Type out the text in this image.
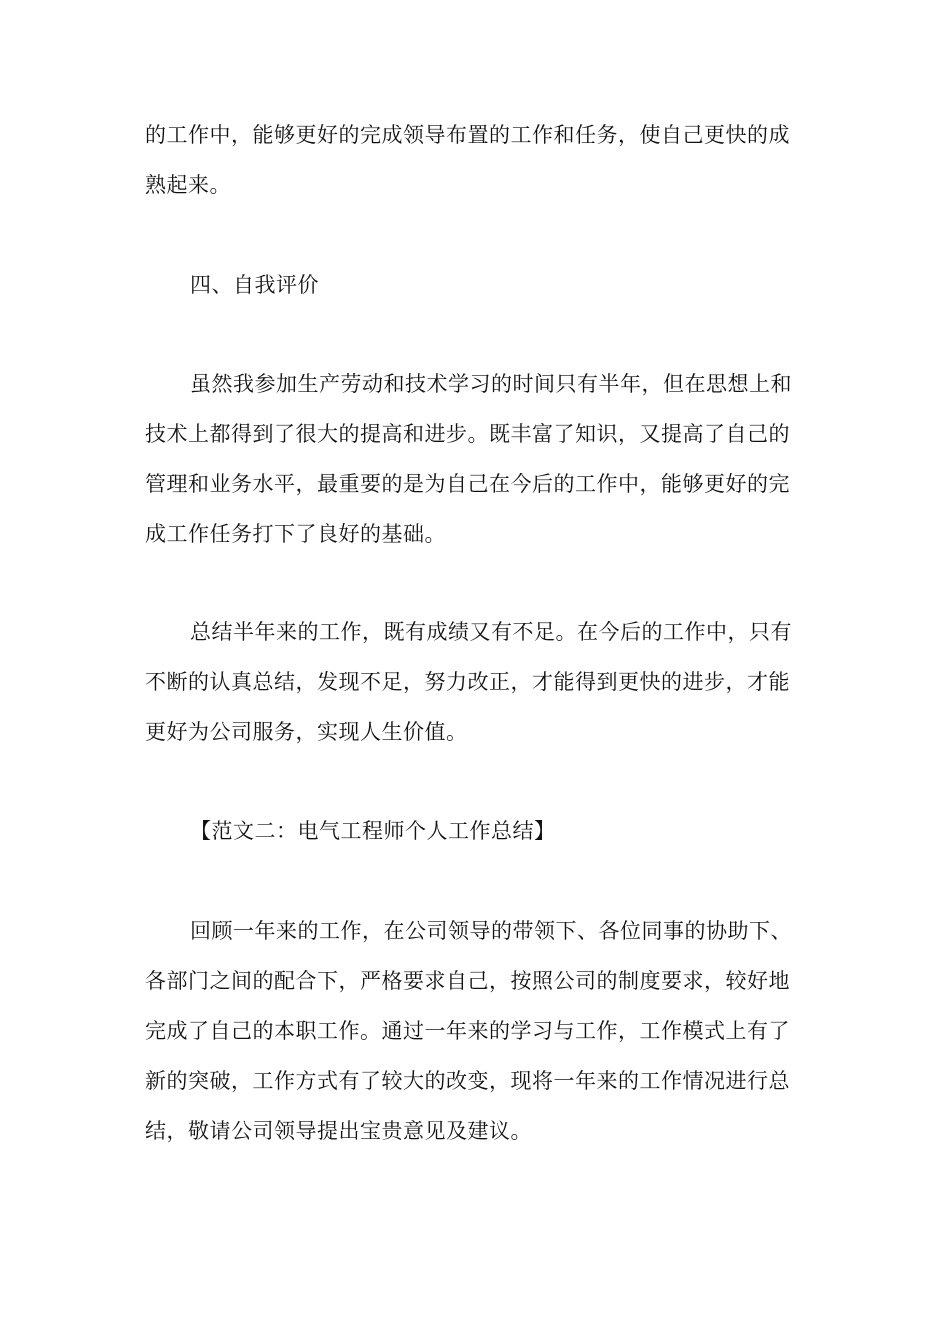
的工作中，能够更好的完成领导布置的工作和任务，使自己更快的成
熟起来。
四、自我评价
虽然我参加生产劳动和技术学习的时间只有半年，但在思想上和
技术上都得到了很大的提高和进步。既丰富了知识，又提高了自己的
管理和业务水平，最重要的是为自己在今后的工作中，能够更好的完
成工作任务打下了良好的基础。
总结半年来的工作，既有成绩又有不足。在今后的工作中，只有
不断的认真总结，发现不足，努力改正，才能得到更快的进步，才能
更好为公司服务，实现人生价值。
【范文二：电气工程师个人工作总结】
回顾一年来的工作，在公司领导的带领下、各位同事的协助下、
各部门之间的配合下，严格要求自己，按照公司的制度要求，较好地
完成了自己的本职工作。通过一年来的学习与工作，工作模式上有了
新的突破，工作方式有了较大的改变，现将一年来的工作情况进行总
结，敬请公司领导提出宝贵意见及建议。
